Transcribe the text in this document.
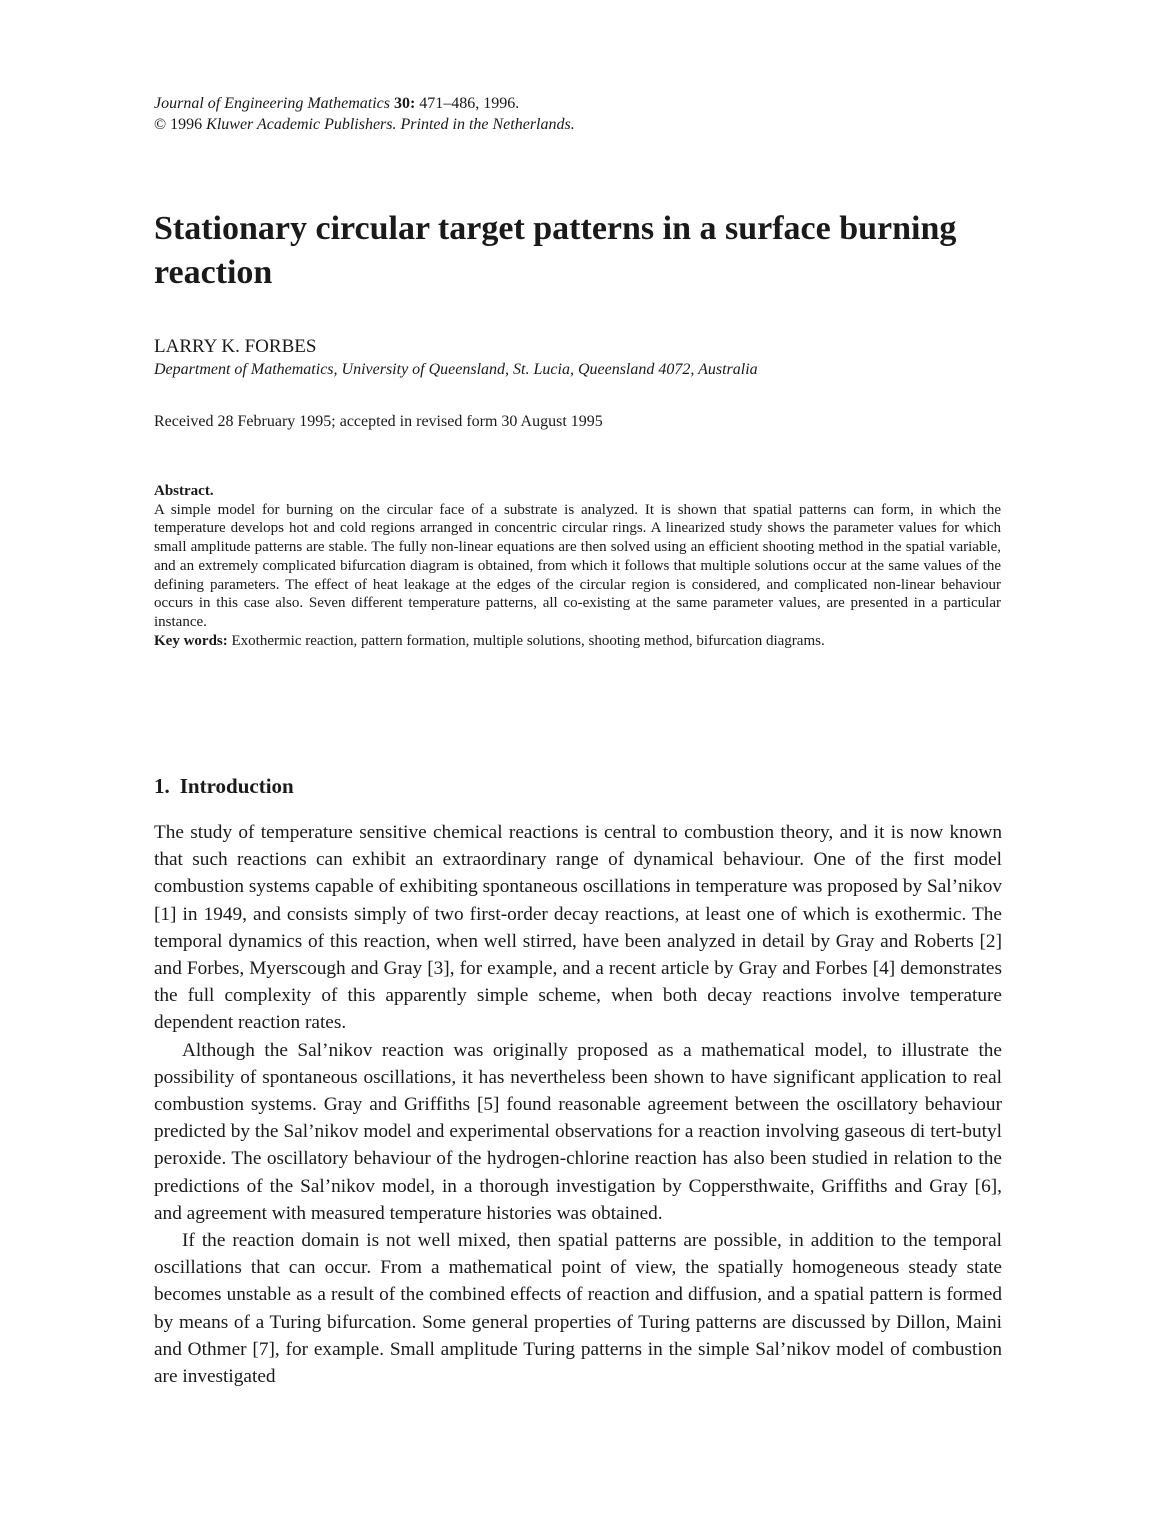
Journal of Engineering Mathematics 30: 471–486, 1996.
© 1996 Kluwer Academic Publishers. Printed in the Netherlands.
Stationary circular target patterns in a surface burning reaction
LARRY K. FORBES
Department of Mathematics, University of Queensland, St. Lucia, Queensland 4072, Australia
Received 28 February 1995; accepted in revised form 30 August 1995
Abstract.

A simple model for burning on the circular face of a substrate is analyzed. It is shown that spatial patterns can form, in which the temperature develops hot and cold regions arranged in concentric circular rings. A linearized study shows the parameter values for which small amplitude patterns are stable. The fully non-linear equations are then solved using an efficient shooting method in the spatial variable, and an extremely complicated bifurcation diagram is obtained, from which it follows that multiple solutions occur at the same values of the defining parameters. The effect of heat leakage at the edges of the circular region is considered, and complicated non-linear behaviour occurs in this case also. Seven different temperature patterns, all co-existing at the same parameter values, are presented in a particular instance.

Key words: Exothermic reaction, pattern formation, multiple solutions, shooting method, bifurcation diagrams.

1. Introduction

The study of temperature sensitive chemical reactions is central to combustion theory, and it is now known that such reactions can exhibit an extraordinary range of dynamical behaviour. One of the first model combustion systems capable of exhibiting spontaneous oscillations in temperature was proposed by Sal’nikov [1] in 1949, and consists simply of two first-order decay reactions, at least one of which is exothermic. The temporal dynamics of this reaction, when well stirred, have been analyzed in detail by Gray and Roberts [2] and Forbes, Myerscough and Gray [3], for example, and a recent article by Gray and Forbes [4] demonstrates the full complexity of this apparently simple scheme, when both decay reactions involve temperature dependent reaction rates.

Although the Sal’nikov reaction was originally proposed as a mathematical model, to illustrate the possibility of spontaneous oscillations, it has nevertheless been shown to have significant application to real combustion systems. Gray and Griffiths [5] found reasonable agreement between the oscillatory behaviour predicted by the Sal’nikov model and experimental observations for a reaction involving gaseous di tert-butyl peroxide. The oscillatory behaviour of the hydrogen-chlorine reaction has also been studied in relation to the predictions of the Sal’nikov model, in a thorough investigation by Coppersthwaite, Griffiths and Gray [6], and agreement with measured temperature histories was obtained.

If the reaction domain is not well mixed, then spatial patterns are possible, in addition to the temporal oscillations that can occur. From a mathematical point of view, the spatially homogeneous steady state becomes unstable as a result of the combined effects of reaction and diffusion, and a spatial pattern is formed by means of a Turing bifurcation. Some general properties of Turing patterns are discussed by Dillon, Maini and Othmer [7], for example. Small amplitude Turing patterns in the simple Sal’nikov model of combustion are investigated
